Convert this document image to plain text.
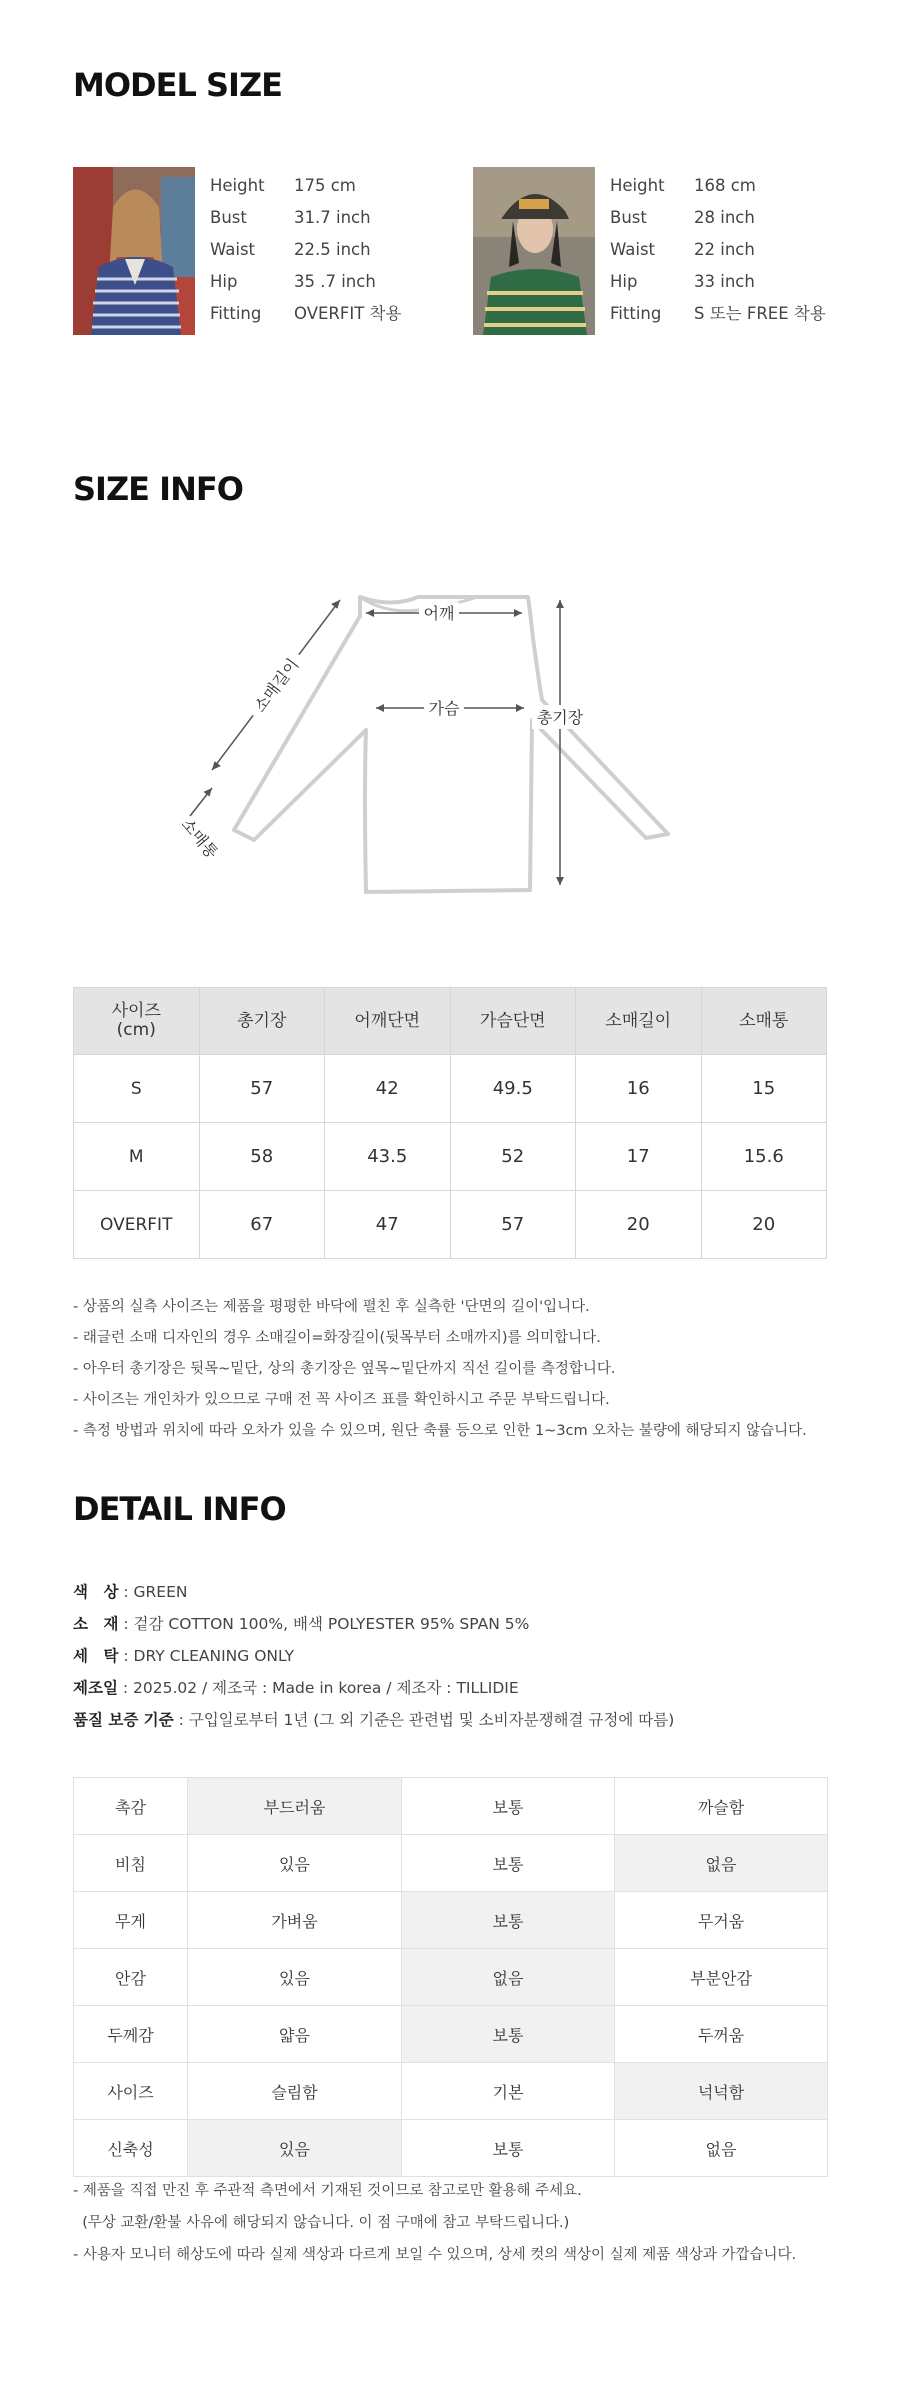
MODEL SIZE
Height 175 cm
Bust	31.7 inch
Waist 22.5 inch
Hip	35 .7 inch
Fitting OVERFIT 착용
Height 168 cm
Bust	28 inch
Waist 22 inch
Hip	33 inch
Fitting S 또는 FREE 착용
SIZE INFO
어깨
가슴	총기장
소매길이
소매통
사이즈
(cm)	총기장	어깨단면	가슴단면	소매길이	소매통
S	57	42	49.5	16	15
M	58	43.5	52	17	15.6
OVERFIT	67	47	57	20	20
- 상품의 실측 사이즈는 제품을 평평한 바닥에 펼친 후 실측한 '단면의 길이'입니다.
- 래글런 소매 디자인의 경우 소매길이=화장길이(뒷목부터 소매까지)를 의미합니다.
- 아우터 총기장은 뒷목~밑단, 상의 총기장은 옆목~밑단까지 직선 길이를 측정합니다.
- 사이즈는 개인차가 있으므로 구매 전 꼭 사이즈 표를 확인하시고 주문 부탁드립니다.
- 측정 방법과 위치에 따라 오차가 있을 수 있으며, 원단 축률 등으로 인한 1~3cm 오차는 불량에 해당되지 않습니다.
DETAIL INFO
색　상 : GREEN
소　재 : 겉감 COTTON 100%, 배색 POLYESTER 95% SPAN 5%
세　탁 : DRY CLEANING ONLY
제조일 : 2025.02 / 제조국 : Made in korea / 제조자 : TILLIDIE
품질 보증 기준 : 구입일로부터 1년 (그 외 기준은 관련법 및 소비자분쟁해결 규정에 따름)
촉감	부드러움	보통	까슬함
비침	있음	보통	없음
무게	가벼움	보통	무거움
안감	있음	없음	부분안감
두께감	얇음	보통	두꺼움
사이즈	슬림함	기본	넉넉함
신축성	있음	보통	없음
- 제품을 직접 만진 후 주관적 측면에서 기재된 것이므로 참고로만 활용해 주세요.
(무상 교환/환불 사유에 해당되지 않습니다. 이 점 구매에 참고 부탁드립니다.)
- 사용자 모니터 해상도에 따라 실제 색상과 다르게 보일 수 있으며, 상세 컷의 색상이 실제 제품 색상과 가깝습니다.
